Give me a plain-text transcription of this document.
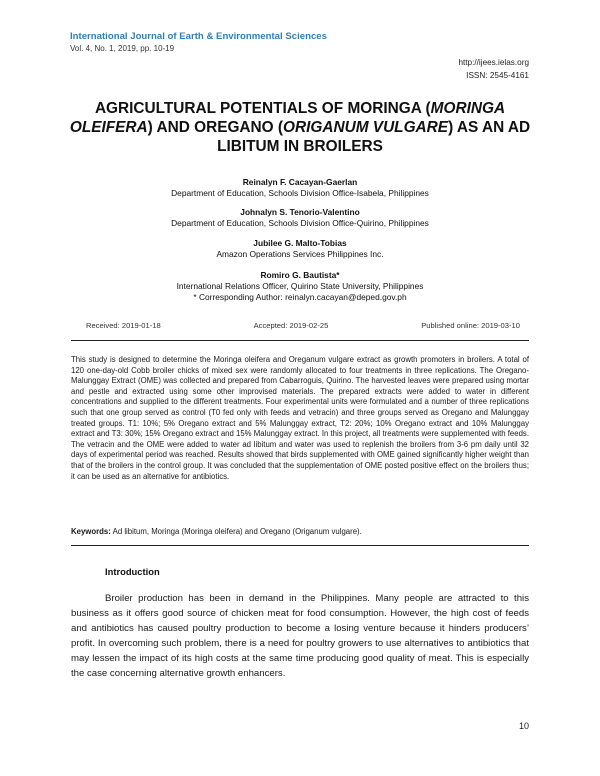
International Journal of Earth & Environmental Sciences
Vol. 4, No. 1, 2019, pp. 10-19
http://ijees.ielas.org
ISSN: 2545-4161
AGRICULTURAL POTENTIALS OF MORINGA (MORINGA OLEIFERA) AND OREGANO (ORIGANUM VULGARE) AS AN AD LIBITUM IN BROILERS
Reinalyn F. Cacayan-Gaerlan
Department of Education, Schools Division Office-Isabela, Philippines
Johnalyn S. Tenorio-Valentino
Department of Education, Schools Division Office-Quirino, Philippines
Jubilee G. Malto-Tobias
Amazon Operations Services Philippines Inc.
Romiro G. Bautista*
International Relations Officer, Quirino State University, Philippines
* Corresponding Author: reinalyn.cacayan@deped.gov.ph
Received: 2019-01-18	Accepted: 2019-02-25	Published online: 2019-03-10

This study is designed to determine the Moringa oleifera and Oreganum vulgare extract as growth promoters in broilers. A total of 120 one-day-old Cobb broiler chicks of mixed sex were randomly allocated to four treatments in three replications. The Oregano-Malunggay Extract (OME) was collected and prepared from Cabarroguis, Quirino. The harvested leaves were prepared using mortar and pestle and extracted using some other improvised materials. The prepared extracts were added to water in different concentrations and supplied to the different treatments. Four experimental units were formulated and a number of three replications such that one group served as control (T0 fed only with feeds and vetracin) and three groups served as Oregano and Malunggay treated groups. T1: 10%; 5% Oregano extract and 5% Malunggay extract, T2: 20%; 10% Oregano extract and 10% Malunggay extract and T3: 30%; 15% Oregano extract and 15% Malunggay extract. In this project, all treatments were supplemented with feeds. The vetracin and the OME were added to water ad libitum and water was used to replenish the broilers from 3-6 pm daily until 32 days of experimental period was reached. Results showed that birds supplemented with OME gained significantly higher weight than that of the broilers in the control group. It was concluded that the supplementation of OME posted positive effect on the broilers thus; it can be used as an alternative for antibiotics.

Keywords: Ad libitum, Moringa (Moringa oleifera) and Oregano (Origanum vulgare).
Introduction

Broiler production has been in demand in the Philippines. Many people are attracted to this business as it offers good source of chicken meat for food consumption. However, the high cost of feeds and antibiotics has caused poultry production to become a losing venture because it hinders producers’ profit. In overcoming such problem, there is a need for poultry growers to use alternatives to antibiotics that may lessen the impact of its high costs at the same time producing good quality of meat. This is especially the case concerning alternative growth enhancers.

10
